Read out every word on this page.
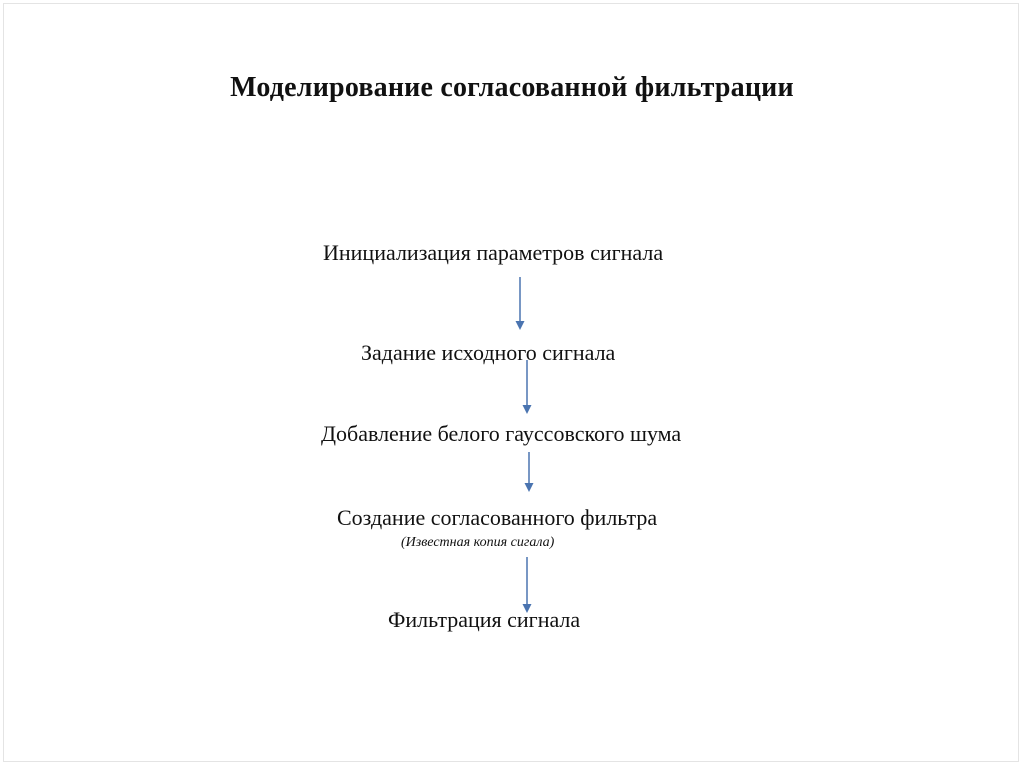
Моделирование согласованной фильтрации
Инициализация параметров сигнала
Задание исходного сигнала
Добавление белого гауссовского шума
Создание согласованного фильтра
(Известная копия сигала)
Фильтрация сигнала
